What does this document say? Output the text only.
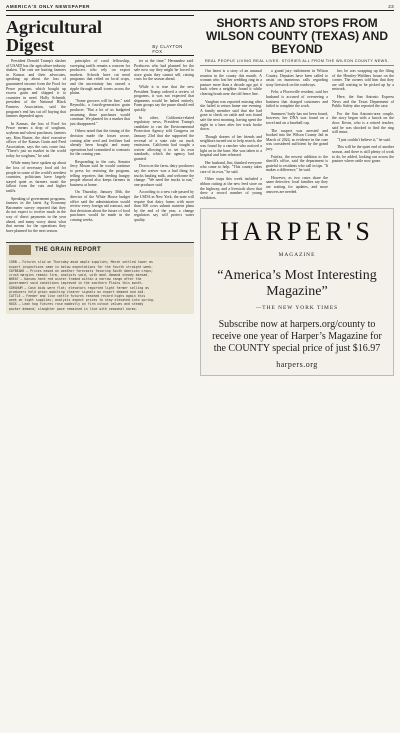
AMERICA'S ONLY NEWSPAPER	23
Agricultural Digest	By CLAYTON FOX

President Donald Trump's slashes of USAID has the agriculture industry shaken. The cuts are hurting farmers in Kansas and their advocates, speaking up about the loss of guaranteed income from the Food for Peace program, which bought up excess grain and shipped it to countries in need. Holly Schmidt, president of the National Black Farmers Association, said the program's end has cut off buying that farmers depended upon.

In Kansas, the loss of Food for Peace means a drop of sorghum, soybean and wheat purchases, farmers say. Kim Baxter, the chief executive officer of the Kansas Grain and Feed Association, says the cuts come fast. "There's just no market in the world today for sorghum," he said.

While many have spoken up about the loss of necessary food aid for people in some of the world's neediest countries, politicians have largely stayed quiet as farmers await the fallout from the cuts and higher tariffs.

Speaking of government programs, farmers in the latest Ag Economy Barometer survey reported that they do not expect to receive much in the way of direct payments in the year ahead, and many worry about what that means for the operations they have planned for the next season.

principles of rural fellowship, sweeping tariffs remain a concern for producers who rely on export markets. Schools have cut meal programs that relied on local crops, and the uncertainty has caused a ripple through small towns across the plains.

"Some growers will be fine," said Reynolds, a fourth-generation grain producer. "But a lot of us budgeted assuming those purchases would continue. We planted for a market that just disappeared."

Others noted that the timing of the decision made the losses worse, coming after seed and fertilizer had already been bought and many operations had committed to contracts for the coming year.

Responding to the cuts, Senator Jerry Moran said he would continue to press for restoring the program, telling reporters that feeding hungry people abroad also keeps farmers in business at home.

On Thursday, January 30th, the director of the White House budget office said the administration would review every foreign aid contract, and that decisions about the future of food purchases would be made in the coming weeks.

ter at the time," Hernandez said. Producers who had planned for the sale now say they might be forced to store grain they cannot sell, raising costs for the season ahead.

While it is true that the new President Trump ordered a review of programs, it was not expected that shipments would be halted entirely. Farm groups say the pause should end quickly.

In other, California-related regulatory news, President Trump's candidate to run the Environmental Protection Agency told Congress on January 23rd that she supported the reversal of a state rule on truck emissions. California had sought a waiver allowing it to set its own standards, which the agency had granted.

Down on the farm, dairy producers say the waiver was a bad thing for trucks hauling milk, and welcome the change. "We need the trucks to run," one producer said.

According to a new rule passed by the USDA in New York, the state will require that dairy farms with more than 300 cows submit nutrient plans by the end of the year, a change regulators say will protect water quality.

THE GRAIN REPORT
CORN — Futures slid on Thursday amid ample supplies; March settled lower as
export inspections came in below expectations for the fourth straight week.
SOYBEANS — Prices eased on weather forecasts favoring South American crops;
crush margins remain firm, analysts said, with meal demand steady abroad.
WHEAT — Kansas hard red winter traded within a narrow range after the
government said conditions improved in the southern Plains this month.
SORGHUM — Cash bids were flat; elevators reported light farmer selling as
producers held grain awaiting clearer signals on export demand and aid.
CATTLE — Feeder and live cattle futures reached record highs again this
week on tight supplies; analysts expect prices to stay elevated into spring.
HOGS — Lean hog futures rose modestly on firm cutout values and steady
packer demand; slaughter pace remained in line with seasonal norms.
SHORTS AND STOPS FROM WILSON COUNTY (TEXAS) AND BEYOND
REAL PEOPLE LIVING REAL LIVES. STORIES ALL FROM THE WILSON COUNTY NEWS.

Our latest is a story of an unusual reunion in the county this month. A woman who lost her wedding ring in a pasture more than a decade ago got it back when a neighbor found it while clearing brush near the old fence line.

Vaughan was reported missing after she failed to return home one evening. A family member said that she had gone to check on cattle and was found safe the next morning, having spent the night in a barn after her truck broke down.

Though dozens of her friends and neighbors turned out to help search, she was found by a rancher who noticed a light on in the barn. She was taken to a hospital and later released.

Her husband, Jim, thanked everyone who came to help. "This county takes care of its own," he said.

Other stops this week included a ribbon cutting at the new feed store on the highway, and a livestock show that drew a record number of young exhibitors.

a grand jury indictment in Wilson County. Deputies have been called to assist on numerous calls regarding stray livestock on the roadways.

Fehr, a Floresville resident, said her husband is accused of overseeing a business that charged customers and failed to complete the work.

Summers' body has not been found, however, her DNA was found on a towel and on a baseball cap.

The suspect was arrested and booked into the Wilson County Jail in March of 2024, as evidence in the case was considered sufficient by the grand jury.

Fairfax, the newest addition to the sheriff's office, said the department is grateful to residents who call in tips. "It makes a difference," he said.

However, as two cases share the same detective, local families say they are waiting for updates, and more answers are needed.

her, he was wrapping up the filing of the Hensley-Walthers house on the corner. The owners told him that they are still waiting to be picked up by a network.

Here, the San Antonio Express News and the Texas Department of Public Safety also reported the case.

For the San Antonio-area couple, the story began with a knock on the door. Kevin, who is a retired teacher, said he was shocked to find the ring still intact.

"I just couldn't believe it," he said.

This will be the quiet end of another season, and there is still plenty of work to do, he added, looking out across the pasture where cattle now graze.

HARPER'S
MAGAZINE
“America’s Most Interesting Magazine”
—THE NEW YORK TIMES
Subscribe now at harpers.org/county to receive one year of Harper’s Magazine for the COUNTY special price of just $16.97
harpers.org
